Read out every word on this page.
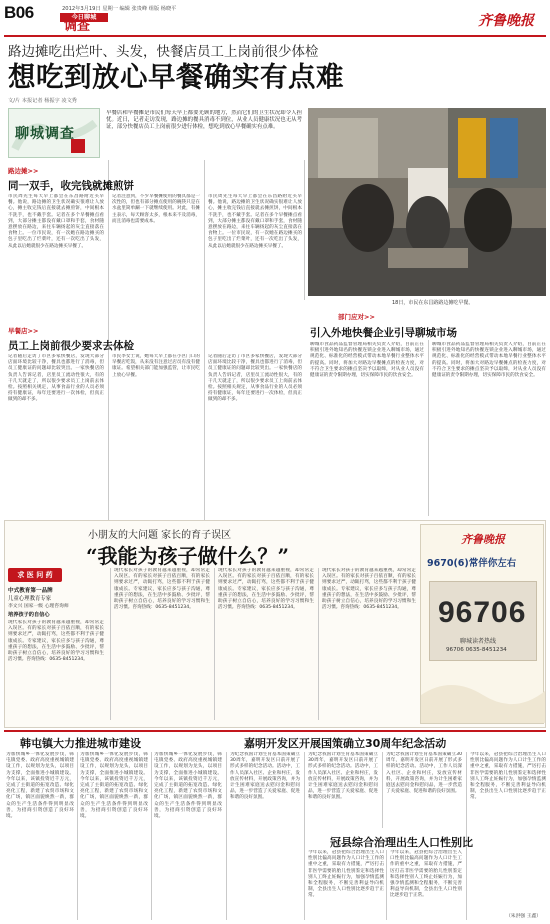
B06	2012年3月19日 星期一 编辑 张贵峰 组版 杨晓平
今日聊城
调查	齐鲁晚报
路边摊吃出烂叶、头发，快餐店员工上岗前很少体检
想吃到放心早餐确实有点难
文/片 本报记者 杨振宇 凌文秀
聊城调查
早餐店和早餐摊是市民们每天早上都要光顾的地方，然而它们的卫生状况却令人担忧。近日，记者走访发现，路边摊的餐具消毒不到位，从业人员健康状况也无从考证，部分快餐店员工上岗前很少进行体检，想吃到放心早餐确实有点难。
18日，市民在东昌路路边摊吃早餐。
路边摊>>
同一双手，收完钱就摊煎饼
市民周先生每天早上都会在东昌路附近买早餐。他说，路边摊的卫生状况确实很难让人放心，摊主收完钱后直接就去摊煎饼，中间根本不洗手，也不戴手套。记者在多个早餐摊点看到，大部分摊主都没有戴口罩和手套，食材随意摆放在路边，来往车辆扬起的灰尘直接落在食物上。一位市民说，有一次她在路边摊买的包子里吃出了烂菜叶，还有一次吃出了头发，从此以后她就很少在路边摊买早餐了。
记者注意到，不少早餐摊使用的餐具都是一次性的，但也有部分摊点使用的碗筷只是在水盆里简单涮一下就继续使用。对此，有摊主表示，每天顾客太多，根本来不及消毒，而且消毒也需要成本。
市民周先生每天早上都会在东昌路附近买早餐。他说，路边摊的卫生状况确实很难让人放心，摊主收完钱后直接就去摊煎饼，中间根本不洗手，也不戴手套。记者在多个早餐摊点看到，大部分摊主都没有戴口罩和手套，食材随意摆放在路边，来往车辆扬起的灰尘直接落在食物上。一位市民说，有一次她在路边摊买的包子里吃出了烂菜叶，还有一次吃出了头发，从此以后她就很少在路边摊买早餐了。
早餐店>>
员工上岗前很少要求去体检
记者随后走访了市区多家快餐店，发现大部分店面环境比较干净，餐具也都进行了消毒，但员工健康证的问题却比较突出。一家快餐店的负责人告诉记者，店里员工流动性很大，有的干几天就走了，所以很少要求员工上岗前去体检。按照相关规定，从事食品行业的人员必须持有健康证，每年还要进行一次体检，但真正做到的却不多。
市民李女士说，她每天早上都在小区门口的早餐店吃饭，从来没有注意过店员有没有健康证。希望相关部门能加强监管，让市民吃上放心早餐。
记者随后走访了市区多家快餐店，发现大部分店面环境比较干净，餐具也都进行了消毒，但员工健康证的问题却比较突出。一家快餐店的负责人告诉记者，店里员工流动性很大，有的干几天就走了，所以很少要求员工上岗前去体检。按照相关规定，从事食品行业的人员必须持有健康证，每年还要进行一次体检，但真正做到的却不多。
部门应对>>
引入外地快餐企业引导聊城市场
聊城市食品药品监督管理局相关负责人介绍，目前正在积极引进外地知名的快餐连锁企业进入聊城市场，通过规范化、标准化的经营模式带动本地早餐行业整体水平的提高。同时，将加大对路边早餐摊点的检查力度，对不符合卫生要求的摊点坚决予以取缔，对从业人员没有健康证的责令限期办理，切实保障市民的饮食安全。
聊城市食品药品监督管理局相关负责人介绍，目前正在积极引进外地知名的快餐连锁企业进入聊城市场，通过规范化、标准化的经营模式带动本地早餐行业整体水平的提高。同时，将加大对路边早餐摊点的检查力度，对不符合卫生要求的摊点坚决予以取缔，对从业人员没有健康证的责令限期办理，切实保障市民的饮食安全。
小朋友的大问题 家长的育子误区
“我能为孩子做什么？”
求 医 问 药
中式教育第一品牌
儿童心理教育专家
李文兴 国家一级 心理咨询师
培养孩子的自信心
现代家长对孩子的教育越来越重视，却常常走入误区。有的家长对孩子百依百顺，有的家长则要求过严，动辄打骂，这些都不利于孩子健康成长。专家建议，家长应多与孩子沟通，尊重孩子的想法，在生活中多鼓励、少批评，帮助孩子树立自信心，培养良好的学习习惯和生活习惯。咨询热线：0635-8451234。
现代家长对孩子的教育越来越重视，却常常走入误区。有的家长对孩子百依百顺，有的家长则要求过严，动辄打骂，这些都不利于孩子健康成长。专家建议，家长应多与孩子沟通，尊重孩子的想法，在生活中多鼓励、少批评，帮助孩子树立自信心，培养良好的学习习惯和生活习惯。咨询热线：0635-8451234。
现代家长对孩子的教育越来越重视，却常常走入误区。有的家长对孩子百依百顺，有的家长则要求过严，动辄打骂，这些都不利于孩子健康成长。专家建议，家长应多与孩子沟通，尊重孩子的想法，在生活中多鼓励、少批评，帮助孩子树立自信心，培养良好的学习习惯和生活习惯。咨询热线：0635-8451234。
现代家长对孩子的教育越来越重视，却常常走入误区。有的家长对孩子百依百顺，有的家长则要求过严，动辄打骂，这些都不利于孩子健康成长。专家建议，家长应多与孩子沟通，尊重孩子的想法，在生活中多鼓励、少批评，帮助孩子树立自信心，培养良好的学习习惯和生活习惯。咨询热线：0635-8451234。
齐鲁晚报
9670(6)常伴你左右
96706
聊城读者热线
96706 0635-8451234
韩屯镇大力推进城市建设	嘉明开发区开展国策确立30周年纪念活动
为加快城乡一体化发展步伐，韩屯镇党委、政府高度重视城镇建设工作，以规划为龙头，以项目为支撑，全面推进小城镇建设。今年以来，该镇投资近千万元，完成了主街道的拓宽改造、绿化亮化工程，新建了农贸市场和文化广场，镇区面貌焕然一新，群众的生产生活条件得到明显改善，为招商引资创造了良好环境。
为加快城乡一体化发展步伐，韩屯镇党委、政府高度重视城镇建设工作，以规划为龙头，以项目为支撑，全面推进小城镇建设。今年以来，该镇投资近千万元，完成了主街道的拓宽改造、绿化亮化工程，新建了农贸市场和文化广场，镇区面貌焕然一新，群众的生产生活条件得到明显改善，为招商引资创造了良好环境。
为加快城乡一体化发展步伐，韩屯镇党委、政府高度重视城镇建设工作，以规划为龙头，以项目为支撑，全面推进小城镇建设。今年以来，该镇投资近千万元，完成了主街道的拓宽改造、绿化亮化工程，新建了农贸市场和文化广场，镇区面貌焕然一新，群众的生产生活条件得到明显改善，为招商引资创造了良好环境。
为纪念我国计划生育基本国策确立30周年，嘉明开发区日前开展了形式多样的纪念活动。活动中，工作人员深入社区、企业和村庄，发放宣传材料，开展政策咨询，并为计生困难家庭送去慰问金和慰问品，进一步营造了关爱家庭、促进和谐的良好氛围。
为纪念我国计划生育基本国策确立30周年，嘉明开发区日前开展了形式多样的纪念活动。活动中，工作人员深入社区、企业和村庄，发放宣传材料，开展政策咨询，并为计生困难家庭送去慰问金和慰问品，进一步营造了关爱家庭、促进和谐的良好氛围。
为纪念我国计划生育基本国策确立30周年，嘉明开发区日前开展了形式多样的纪念活动。活动中，工作人员深入社区、企业和村庄，发放宣传材料，开展政策咨询，并为计生困难家庭送去慰问金和慰问品，进一步营造了关爱家庭、促进和谐的良好氛围。
今年以来，冠县把综合治理出生人口性别比偏高问题作为人口计生工作的重中之重，采取有力措施，严厉打击非医学需要的胎儿性别鉴定和选择性别人工终止妊娠行为，加强孕情监测和全程服务，不断完善利益导向机制，全县出生人口性别比逐步趋于正常。
（朱洪强 王鑫）
冠县综合治理出生人口性别比
今年以来，冠县把综合治理出生人口性别比偏高问题作为人口计生工作的重中之重，采取有力措施，严厉打击非医学需要的胎儿性别鉴定和选择性别人工终止妊娠行为，加强孕情监测和全程服务，不断完善利益导向机制，全县出生人口性别比逐步趋于正常。
今年以来，冠县把综合治理出生人口性别比偏高问题作为人口计生工作的重中之重，采取有力措施，严厉打击非医学需要的胎儿性别鉴定和选择性别人工终止妊娠行为，加强孕情监测和全程服务，不断完善利益导向机制，全县出生人口性别比逐步趋于正常。
